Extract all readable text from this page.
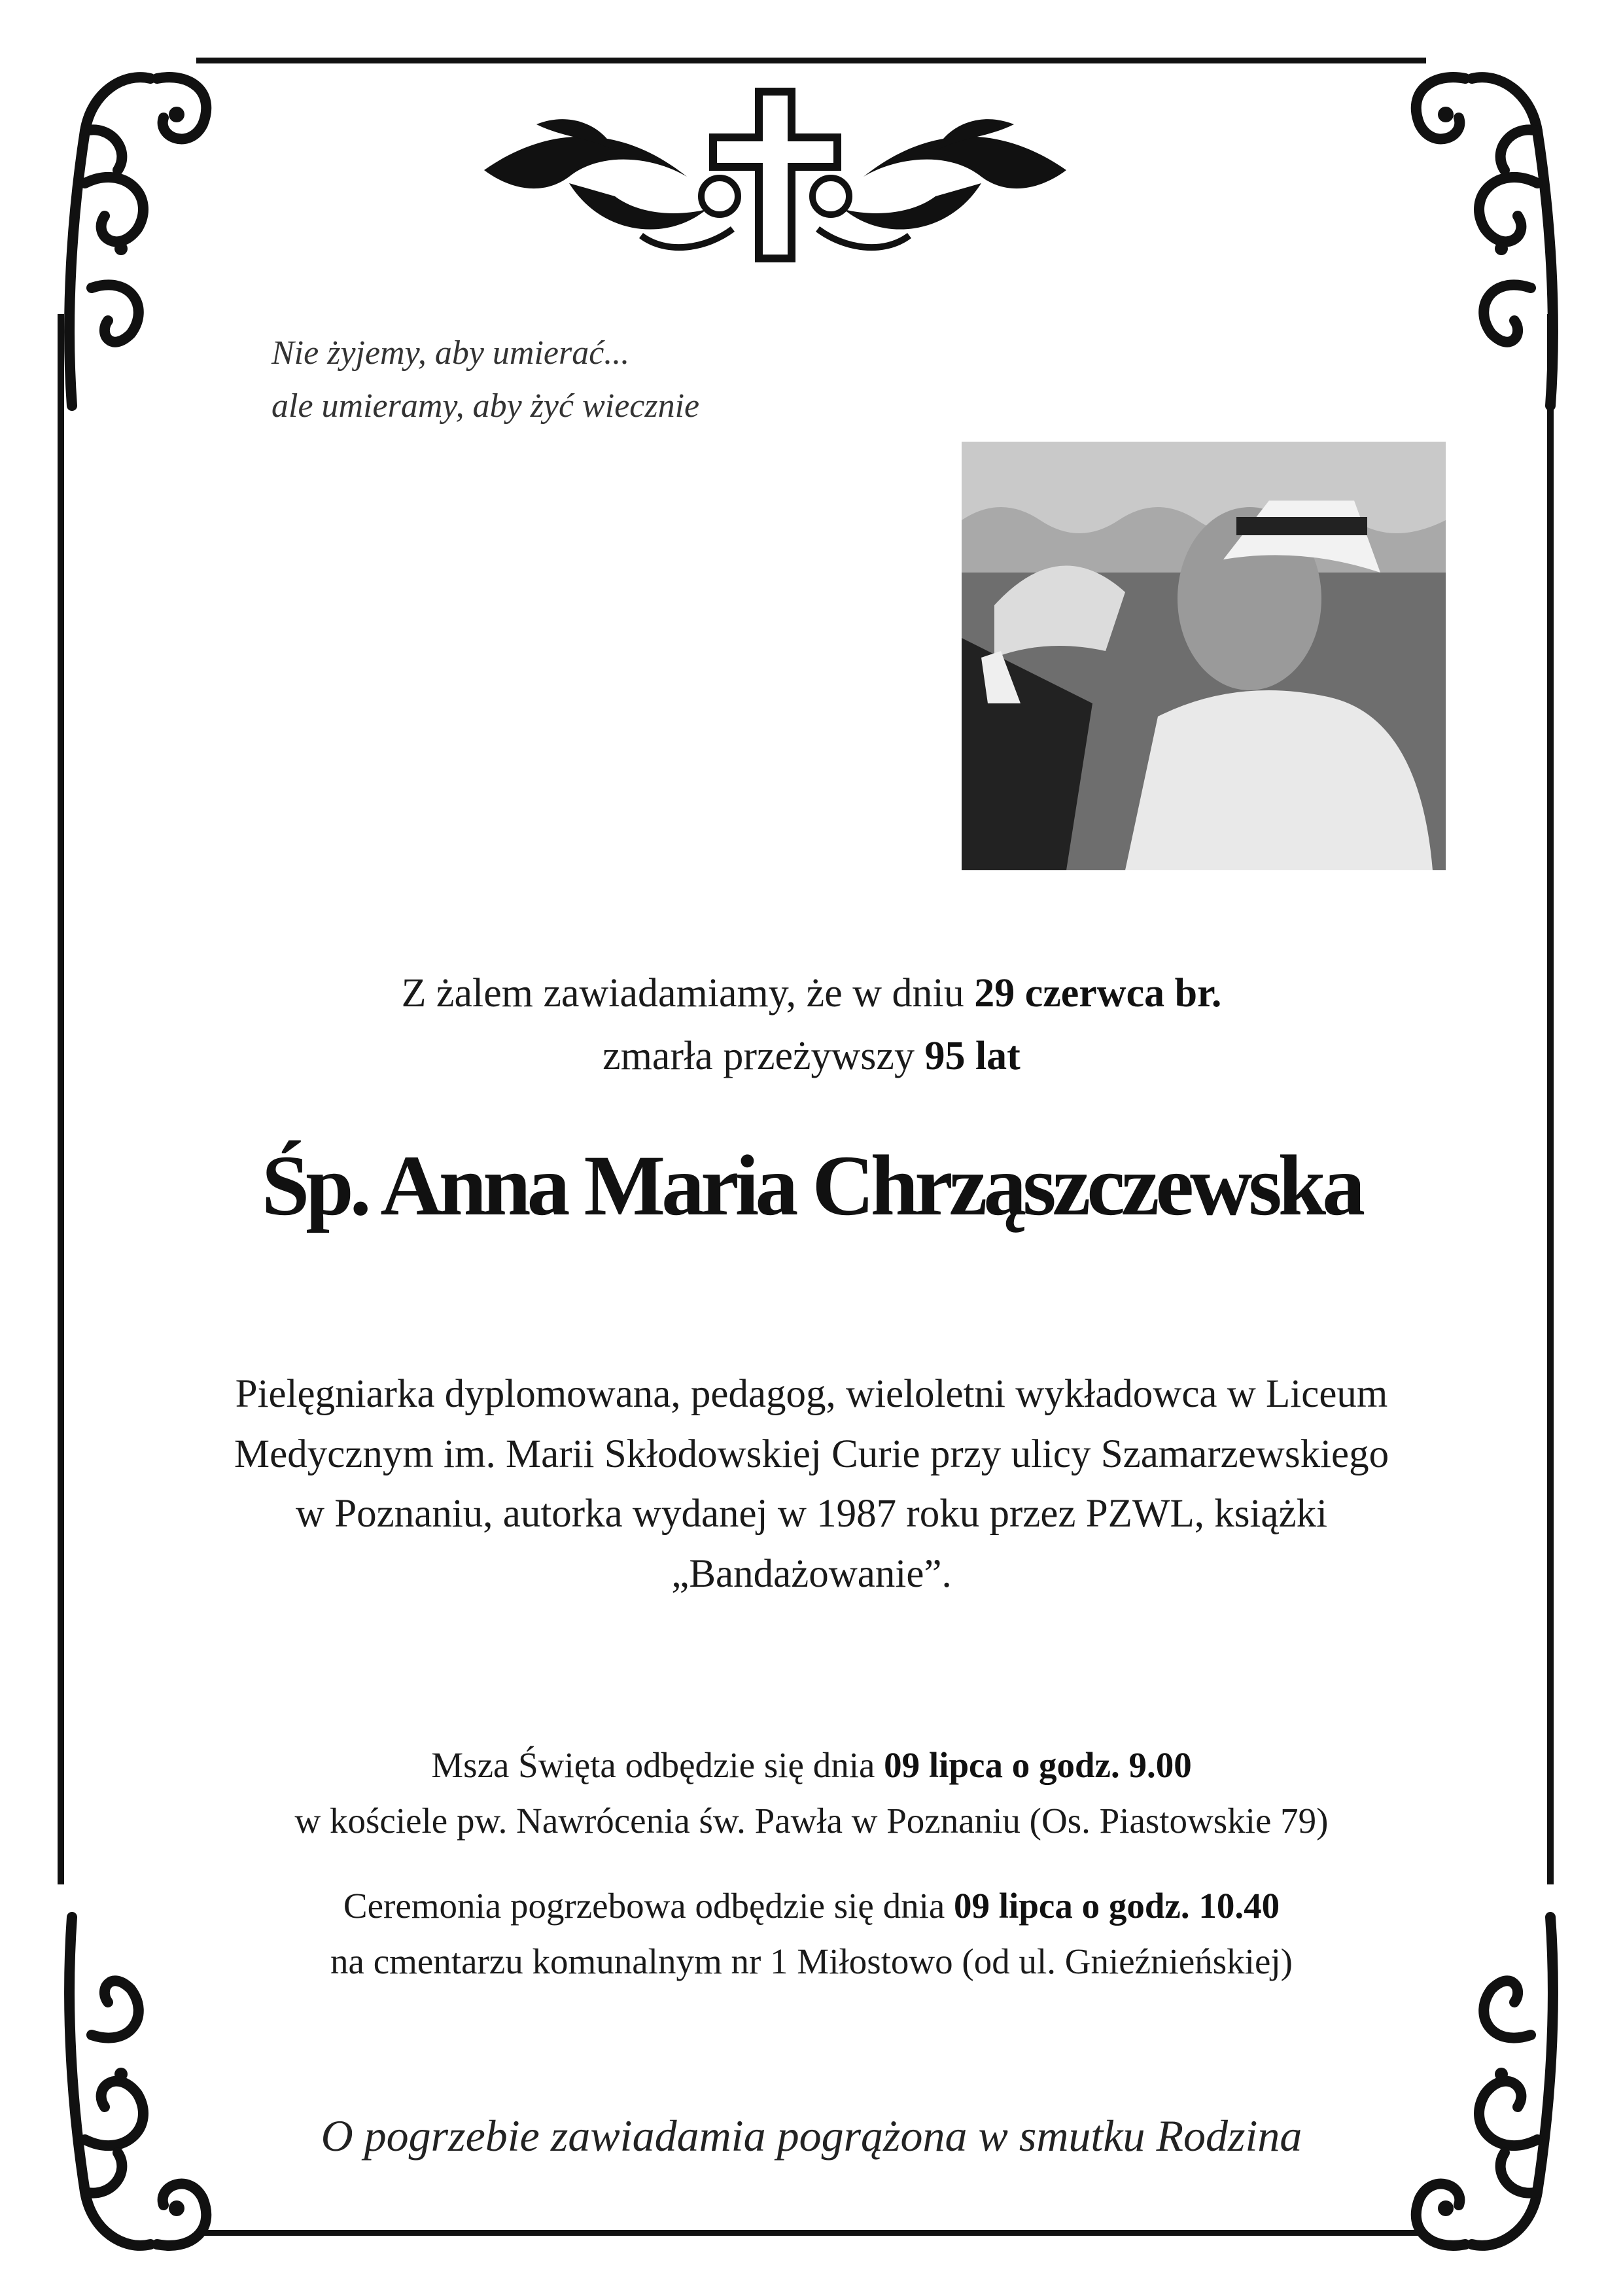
Nie żyjemy, aby umierać...
ale umieramy, aby żyć wiecznie
Z żalem zawiadamiamy, że w dniu 29 czerwca br.
zmarła przeżywszy 95 lat
Śp. Anna Maria Chrząszczewska
Pielęgniarka dyplomowana, pedagog, wieloletni wykładowca w Liceum
Medycznym im. Marii Skłodowskiej Curie przy ulicy Szamarzewskiego
w Poznaniu, autorka wydanej w 1987 roku przez PZWL, książki
„Bandażowanie”.
Msza Święta odbędzie się dnia 09 lipca o godz. 9.00
w kościele pw. Nawrócenia św. Pawła w Poznaniu (Os. Piastowskie 79)
Ceremonia pogrzebowa odbędzie się dnia 09 lipca o godz. 10.40
na cmentarzu komunalnym nr 1 Miłostowo (od ul. Gnieźnieńskiej)
O pogrzebie zawiadamia pogrążona w smutku Rodzina
